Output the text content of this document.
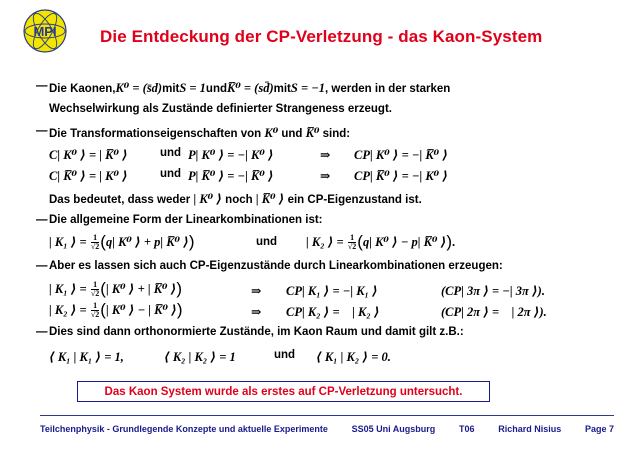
MPI	Die Entdeckung der CP-Verletzung - das Kaon-System
— Die Kaonen,K⁰ = (s̄d)mitS = 1undK̅⁰ = (sd̄)mitS = −1, werden in der starken
Wechselwirkung als Zustände definierter Strangeness erzeugt.
— Die Transformationseigenschaften von K⁰ und K̅⁰ sind:
C| K⁰ ⟩ = | K̅⁰ ⟩	und P| K⁰ ⟩ = −| K⁰ ⟩	⇒ CP| K⁰ ⟩ = −| K̅⁰ ⟩
C| K̅⁰ ⟩ = | K⁰ ⟩	und P| K̅⁰ ⟩ = −| K̅⁰ ⟩	⇒ CP| K̅⁰ ⟩ = −| K⁰ ⟩
Das bedeutet, dass weder | K⁰ ⟩ noch | K̅⁰ ⟩ ein CP-Eigenzustand ist.
— Die allgemeine Form der Linearkombinationen ist:
| K₁ ⟩ = $\frac{1}{√2} (q|$ K⁰ ⟩ + p| K̅⁰ ⟩)	und | K₂ ⟩ = $\frac{1}{√2} (q|$ K⁰ ⟩ − p| K̅⁰ ⟩).
— Aber es lassen sich auch CP-Eigenzustände durch Linearkombinationen erzeugen:
| K₁ ⟩ = $\frac{1}{√2}$ (| K⁰ ⟩ + | K̅⁰ ⟩)	⇒ CP| K₁ ⟩ = −| K₁ ⟩	(CP| 3π ⟩ = −| 3π ⟩).
| K₂ ⟩ = $\frac{1}{√2}$ (| K⁰ ⟩ − | K̅⁰ ⟩)	⇒ CP| K₂ ⟩ =    | K₂ ⟩	(CP| 2π ⟩ =    | 2π ⟩).
— Dies sind dann orthonormierte Zustände, im Kaon Raum und damit gilt z.B.:
⟨ K₁ | K₁ ⟩ = 1,	⟨ K₂ | K₂ ⟩ = 1	und ⟨ K₁ | K₂ ⟩ = 0.
Das Kaon System wurde als erstes auf CP-Verletzung untersucht.
Teilchenphysik - Grundlegende Konzepte und aktuelle Experimente	SS05 Uni Augsburg	T06	Richard Nisius	Page 7
